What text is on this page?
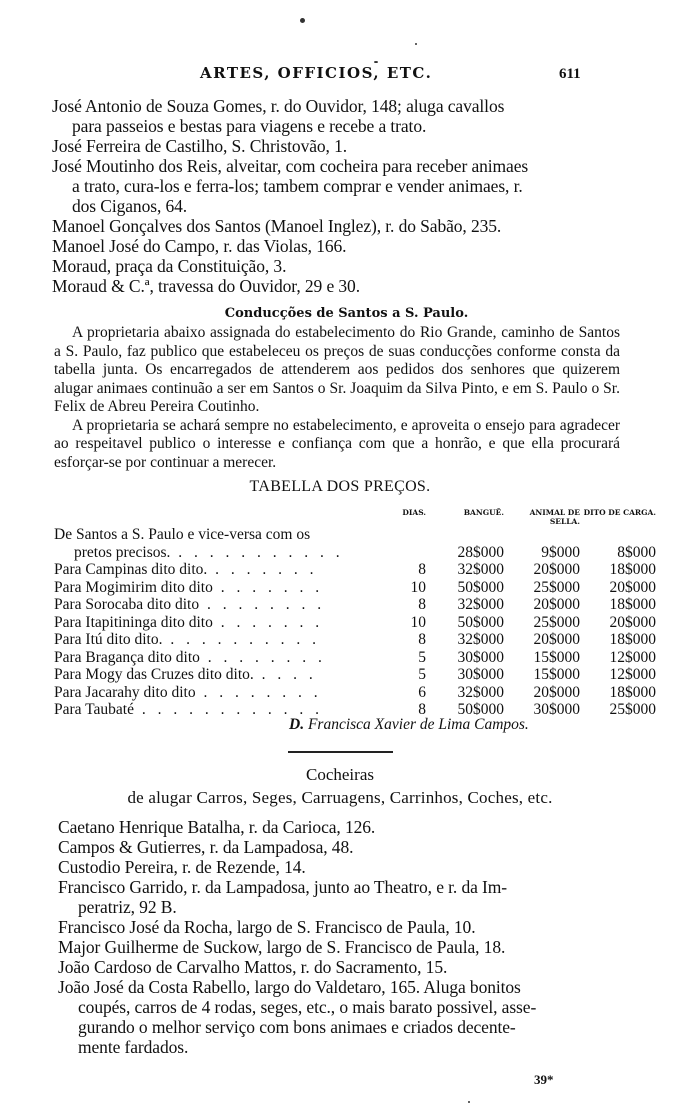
ARTES, OFFICIOS, ETC.	611
José Antonio de Souza Gomes, r. do Ouvidor, 148; aluga cavallos
para passeios e bestas para viagens e recebe a trato.
José Ferreira de Castilho, S. Christovão, 1.
José Moutinho dos Reis, alveitar, com cocheira para receber animaes
a trato, cura-los e ferra-los; tambem comprar e vender animaes, r.
dos Ciganos, 64.
Manoel Gonçalves dos Santos (Manoel Inglez), r. do Sabão, 235.
Manoel José do Campo, r. das Violas, 166.
Moraud, praça da Constituição, 3.
Moraud & C.ª, travessa do Ouvidor, 29 e 30.
Conducções de Santos a S. Paulo.

A proprietaria abaixo assignada do estabelecimento do Rio Grande, caminho de Santos a S. Paulo, faz publico que estabeleceu os preços de suas conducções conforme consta da tabella junta. Os encarregados de attenderem aos pedidos dos senhores que quizerem alugar animaes continuão a ser em Santos o Sr. Joaquim da Silva Pinto, e em S. Paulo o Sr. Felix de Abreu Pereira Coutinho.

A proprietaria se achará sempre no estabelecimento, e aproveita o ensejo para agradecer ao respeitavel publico o interesse e confiança com que a honrão, e que ella procurará esforçar-se por continuar a merecer.

TABELLA DOS PREÇOS.
	DIAS.	BANGUÊ.	ANIMAL DE SELLA.	DITO DE CARGA.
De Santos a S. Paulo e vice-versa com os				
pretos precisos. . . . . . . . . . . .		28$000	9$000	8$000
Para Campinas dito dito. . . . . . . .	8	32$000	20$000	18$000
Para Mogimirim dito dito . . . . . . .	10	50$000	25$000	20$000
Para Sorocaba dito dito . . . . . . . .	8	32$000	20$000	18$000
Para Itapitininga dito dito . . . . . . .	10	50$000	25$000	20$000
Para Itú dito dito. . . . . . . . . . .	8	32$000	20$000	18$000
Para Bragança dito dito . . . . . . . .	5	30$000	15$000	12$000
Para Mogy das Cruzes dito dito. . . . .	5	30$000	15$000	12$000
Para Jacarahy dito dito . . . . . . . .	6	32$000	20$000	18$000
Para Taubaté . . . . . . . . . . . .	8	50$000	30$000	25$000
D. Francisca Xavier de Lima Campos.
Cocheiras
de alugar Carros, Seges, Carruagens, Carrinhos, Coches, etc.
Caetano Henrique Batalha, r. da Carioca, 126.
Campos & Gutierres, r. da Lampadosa, 48.
Custodio Pereira, r. de Rezende, 14.
Francisco Garrido, r. da Lampadosa, junto ao Theatro, e r. da Im-
peratriz, 92 B.
Francisco José da Rocha, largo de S. Francisco de Paula, 10.
Major Guilherme de Suckow, largo de S. Francisco de Paula, 18.
João Cardoso de Carvalho Mattos, r. do Sacramento, 15.
João José da Costa Rabello, largo do Valdetaro, 165. Aluga bonitos
coupés, carros de 4 rodas, seges, etc., o mais barato possivel, asse-
gurando o melhor serviço com bons animaes e criados decente-
mente fardados.
39*
